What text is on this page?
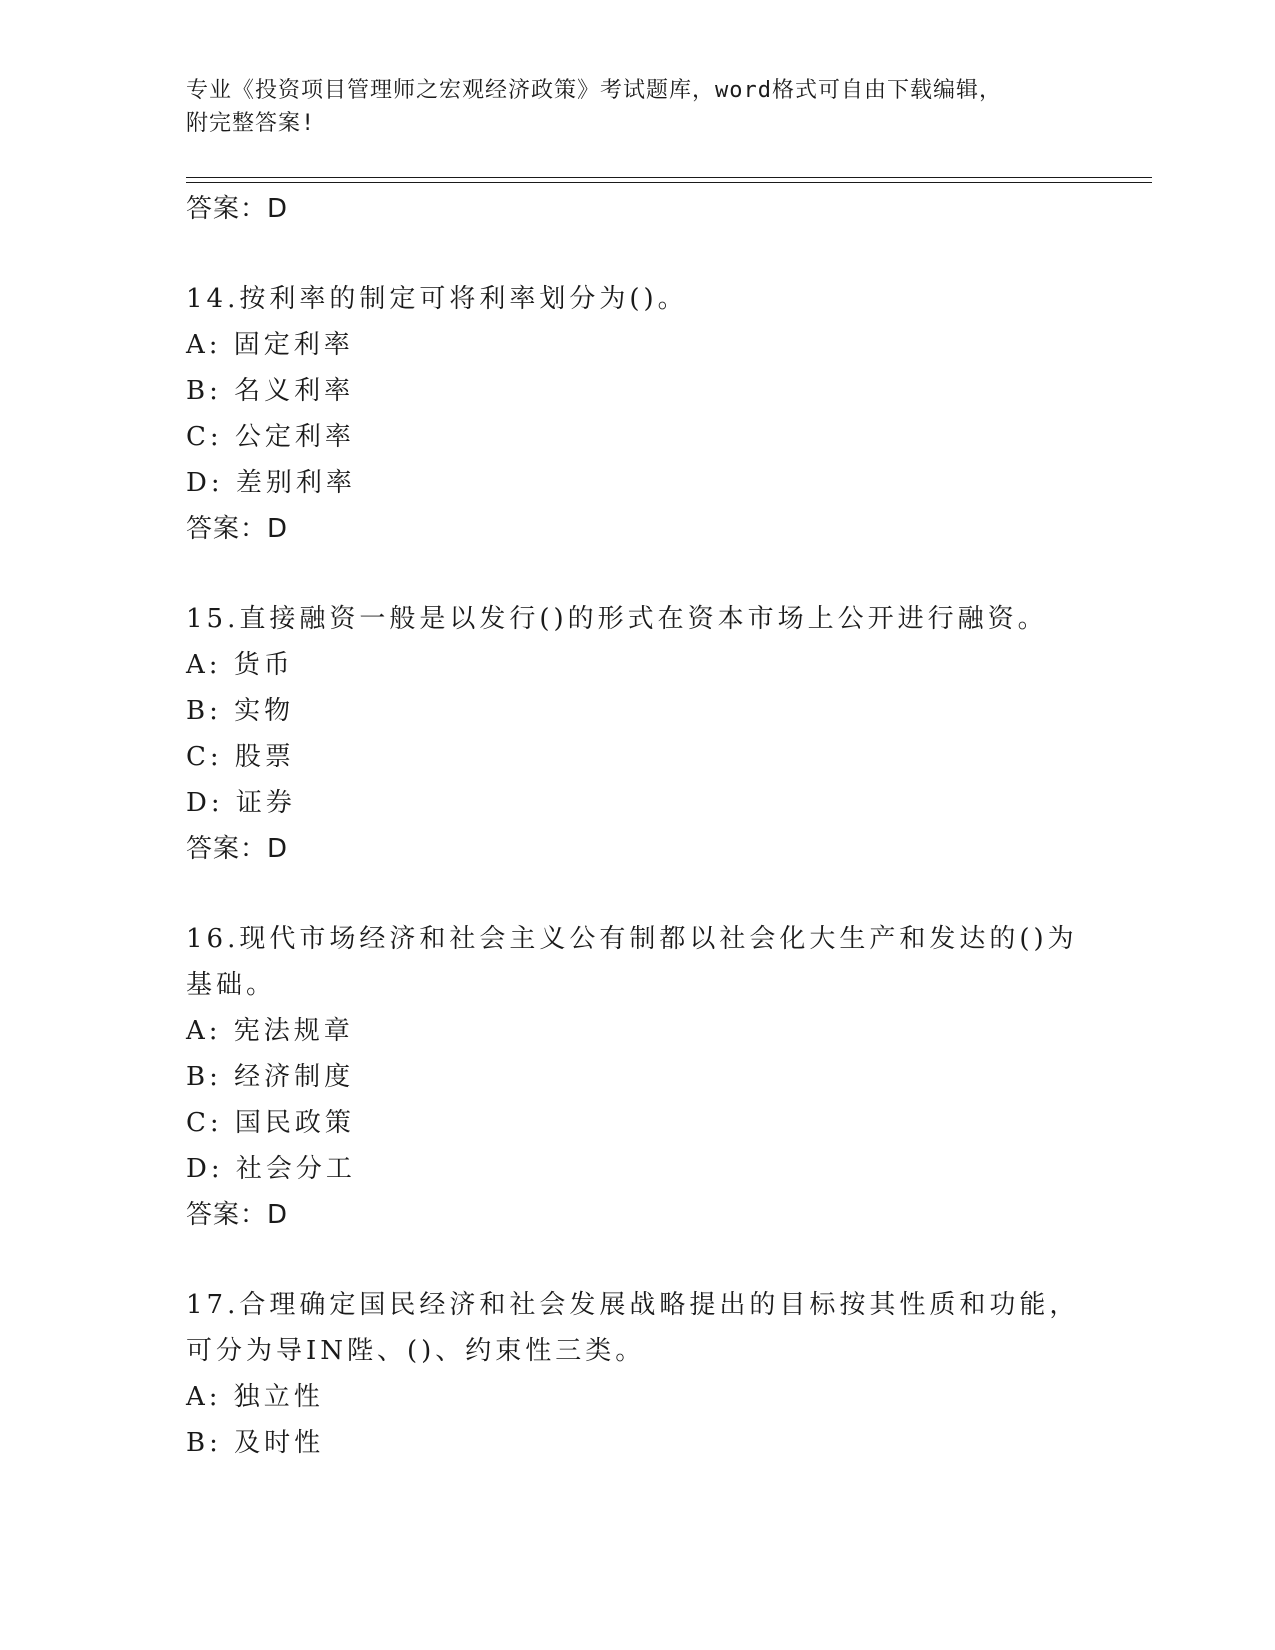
专业《投资项目管理师之宏观经济政策》考试题库，word格式可自由下载编辑，
附完整答案!
答案：D
14.按利率的制定可将利率划分为()。
A: 固定利率
B: 名义利率
C: 公定利率
D: 差别利率
答案：D
15.直接融资一般是以发行()的形式在资本市场上公开进行融资。
A: 货币
B: 实物
C: 股票
D: 证券
答案：D
16.现代市场经济和社会主义公有制都以社会化大生产和发达的()为基础。
A: 宪法规章
B: 经济制度
C: 国民政策
D: 社会分工
答案：D
17.合理确定国民经济和社会发展战略提出的目标按其性质和功能，可分为导IN陛、()、约束性三类。
A: 独立性
B: 及时性
